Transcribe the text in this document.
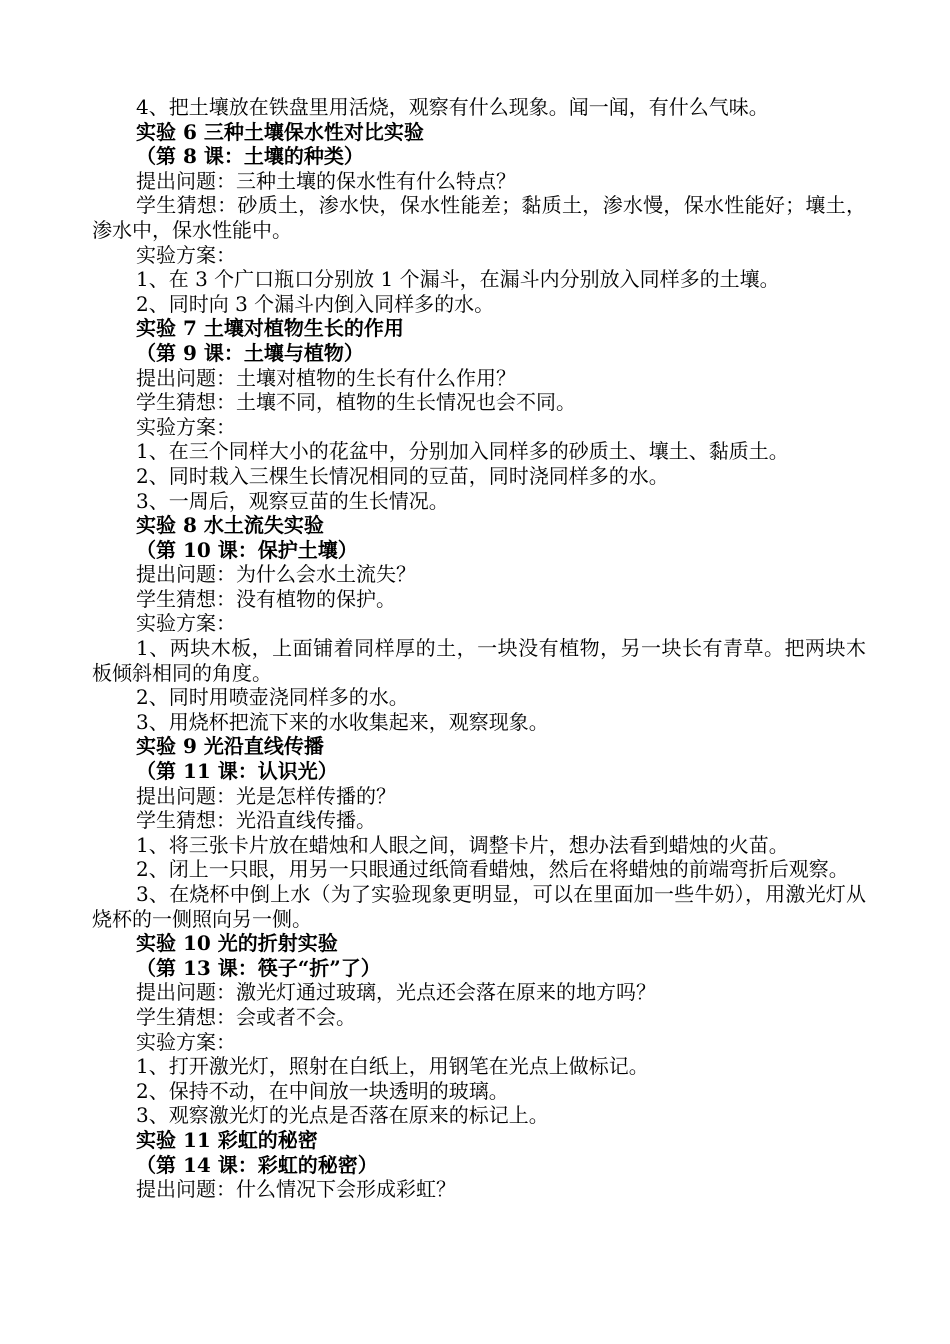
4、把土壤放在铁盘里用活烧，观察有什么现象。闻一闻，有什么气味。

实验 6 三种土壤保水性对比实验

（第 8 课：土壤的种类）

提出问题：三种土壤的保水性有什么特点？

学生猜想：砂质土，渗水快，保水性能差；黏质土，渗水慢，保水性能好；壤土，渗水中，保水性能中。

实验方案：

1、在 3 个广口瓶口分别放 1 个漏斗，在漏斗内分别放入同样多的土壤。

2、同时向 3 个漏斗内倒入同样多的水。

实验 7 土壤对植物生长的作用

（第 9 课：土壤与植物）

提出问题：土壤对植物的生长有什么作用？

学生猜想：土壤不同，植物的生长情况也会不同。

实验方案：

1、在三个同样大小的花盆中，分别加入同样多的砂质土、壤土、黏质土。

2、同时栽入三棵生长情况相同的豆苗，同时浇同样多的水。

3、一周后，观察豆苗的生长情况。

实验 8 水土流失实验

（第 10 课：保护土壤）

提出问题：为什么会水土流失？

学生猜想：没有植物的保护。

实验方案：

1、两块木板，上面铺着同样厚的土，一块没有植物，另一块长有青草。把两块木板倾斜相同的角度。

2、同时用喷壶浇同样多的水。

3、用烧杯把流下来的水收集起来，观察现象。

实验 9 光沿直线传播

（第 11 课：认识光）

提出问题：光是怎样传播的？

学生猜想：光沿直线传播。

1、将三张卡片放在蜡烛和人眼之间，调整卡片，想办法看到蜡烛的火苗。

2、闭上一只眼，用另一只眼通过纸筒看蜡烛，然后在将蜡烛的前端弯折后观察。

3、在烧杯中倒上水（为了实验现象更明显，可以在里面加一些牛奶），用激光灯从烧杯的一侧照向另一侧。

实验 10 光的折射实验

（第 13 课：筷子“折”了）

提出问题：激光灯通过玻璃，光点还会落在原来的地方吗？

学生猜想：会或者不会。

实验方案：

1、打开激光灯，照射在白纸上，用钢笔在光点上做标记。

2、保持不动，在中间放一块透明的玻璃。

3、观察激光灯的光点是否落在原来的标记上。

实验 11 彩虹的秘密

（第 14 课：彩虹的秘密）

提出问题：什么情况下会形成彩虹？
